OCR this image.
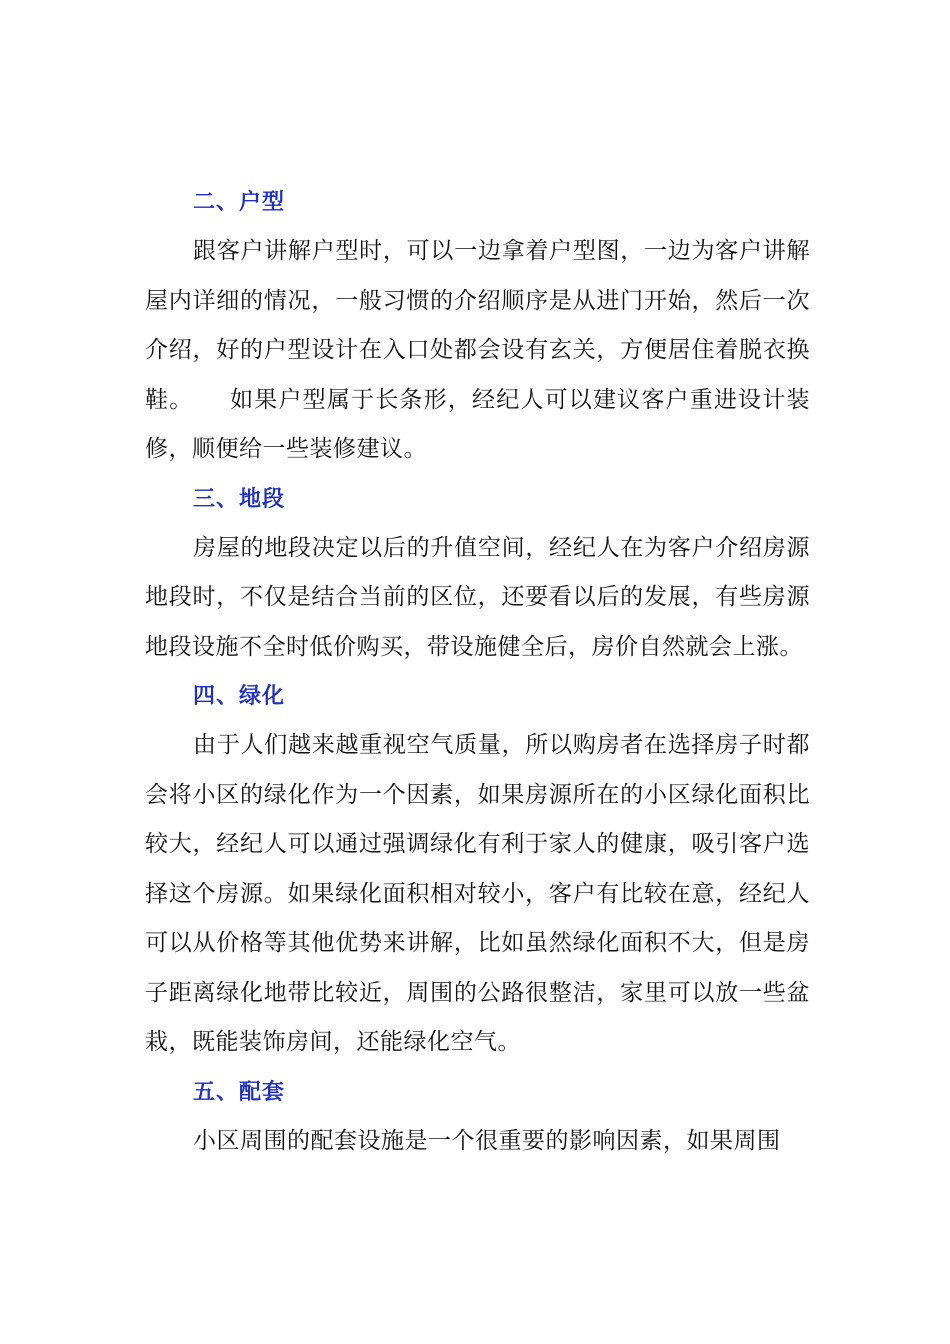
二、户型

跟客户讲解户型时，可以一边拿着户型图，一边为客户讲解屋内详细的情况，一般习惯的介绍顺序是从进门开始，然后一次介绍，好的户型设计在入口处都会设有玄关，方便居住着脱衣换鞋。 如果户型属于长条形，经纪人可以建议客户重进设计装修，顺便给一些装修建议。

三、地段

房屋的地段决定以后的升值空间，经纪人在为客户介绍房源地段时，不仅是结合当前的区位，还要看以后的发展，有些房源地段设施不全时低价购买，带设施健全后，房价自然就会上涨。

四、绿化

由于人们越来越重视空气质量，所以购房者在选择房子时都会将小区的绿化作为一个因素，如果房源所在的小区绿化面积比较大，经纪人可以通过强调绿化有利于家人的健康，吸引客户选择这个房源。如果绿化面积相对较小，客户有比较在意，经纪人可以从价格等其他优势来讲解，比如虽然绿化面积不大，但是房子距离绿化地带比较近，周围的公路很整洁，家里可以放一些盆栽，既能装饰房间，还能绿化空气。

五、配套

小区周围的配套设施是一个很重要的影响因素，如果周围
